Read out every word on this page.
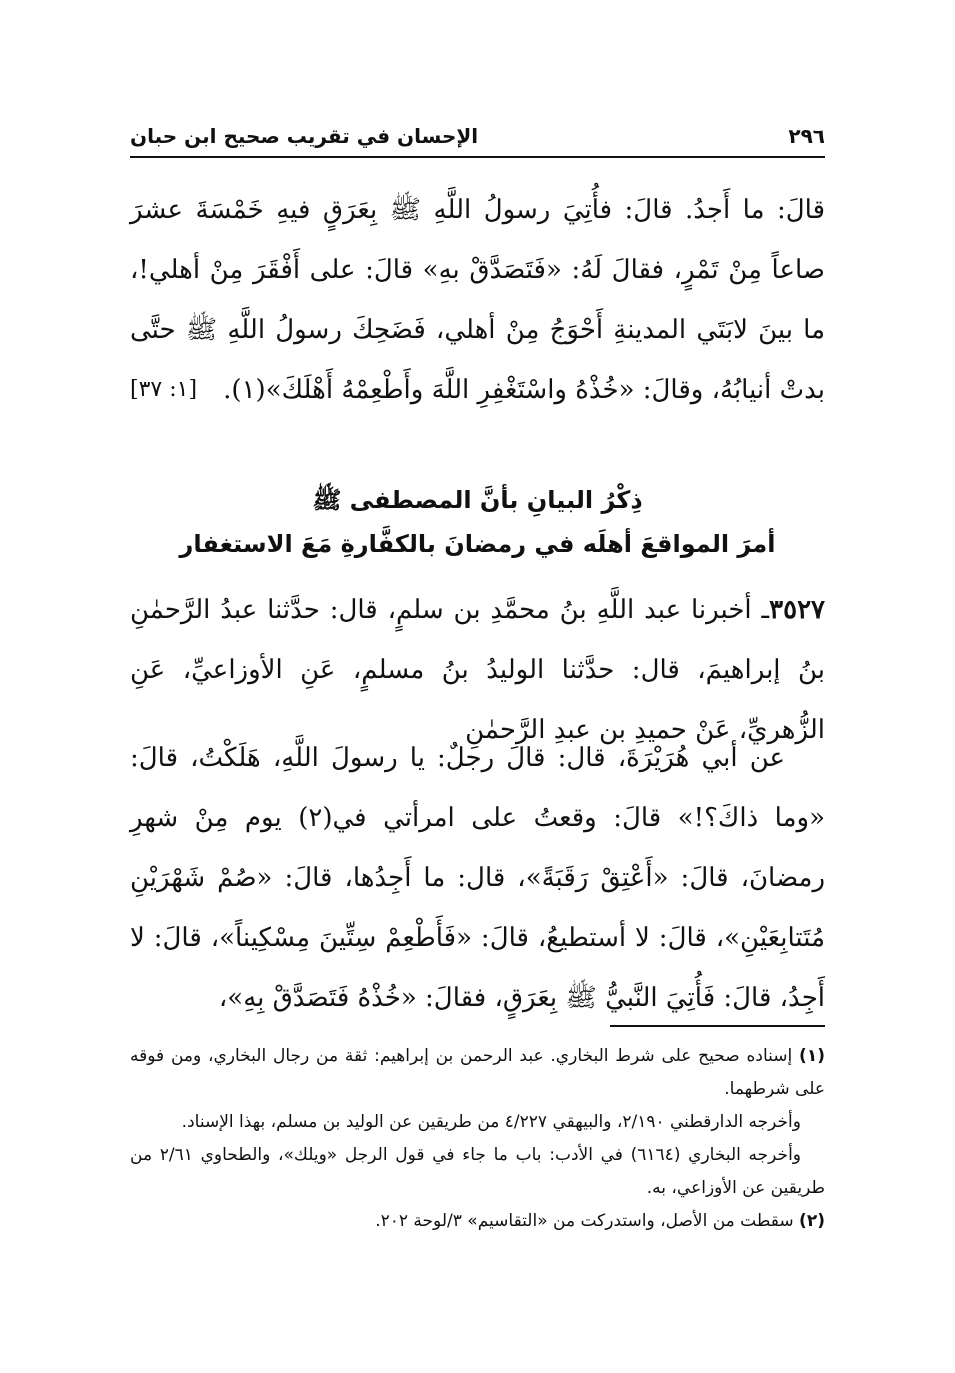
٢٩٦
الإحسان في تقريب صحيح ابن حبان
قالَ: ما أَجدُ. قالَ: فأُتِيَ رسولُ اللَّهِ ﷺ بِعَرَقٍ فيهِ خَمْسَةَ عشرَ صاعاً مِنْ تَمْرٍ، فقالَ لَهُ: «فَتَصَدَّقْ بهِ» قالَ: على أَفْقَرَ مِنْ أهلي!، ما بينَ لابَتَي المدينةِ أَحْوَجُ مِنْ أهلي، فَضَحِكَ رسولُ اللَّهِ ﷺ حتَّى بدتْ أنيابُهُ، وقالَ: «خُذْهُ واسْتَغْفِرِ اللَّهَ وأَطْعِمْهُ أَهْلَكَ»(١).
[١: ٣٧]
ذِكْرُ البيانِ بأنَّ المصطفى ﷺ
أمرَ المواقعَ أهلَه في رمضانَ بالكفَّارةِ مَعَ الاستغفار
٣٥٢٧ـ أخبرنا عبد اللَّهِ بنُ محمَّدِ بن سلمٍ، قال: حدَّثنا عبدُ الرَّحمٰنِ بنُ إبراهيمَ، قال: حدَّثنا الوليدُ بنُ مسلمٍ، عَنِ الأوزاعيِّ، عَنِ الزُّهريِّ، عَنْ حميدِ بن عبدِ الرَّحمٰنِ
عن أبي هُرَيْرَةَ، قال: قالَ رجلٌ: يا رسولَ اللَّهِ، هَلَكْتُ، قالَ: «وما ذاكَ؟!» قالَ: وقعتُ على امرأتي في(٢) يوم مِنْ شهرِ رمضانَ، قالَ: «أَعْتِقْ رَقَبَةً»، قال: ما أَجِدُها، قالَ: «صُمْ شَهْرَيْنِ مُتَتابِعَيْنِ»، قالَ: لا أستطيعُ، قالَ: «فَأَطْعِمْ سِتِّينَ مِسْكِيناً»، قالَ: لا أَجِدُ، قالَ: فَأُتِيَ النَّبيُّ ﷺ بِعَرَقٍ، فقالَ: «خُذْهُ فَتَصَدَّقْ بِهِ»،

(١) إسناده صحيح على شرط البخاري. عبد الرحمن بن إبراهيم: ثقة من رجال البخاري، ومن فوقه على شرطهما.

وأخرجه الدارقطني ٢/١٩٠، والبيهقي ٤/٢٢٧ من طريقين عن الوليد بن مسلم، بهذا الإسناد.

وأخرجه البخاري (٦١٦٤) في الأدب: باب ما جاء في قول الرجل «ويلك»، والطحاوي ٢/٦١ من طريقين عن الأوزاعي، به.

(٢) سقطت من الأصل، واستدركت من «التقاسيم» ٣/لوحة ٢٠٢.
